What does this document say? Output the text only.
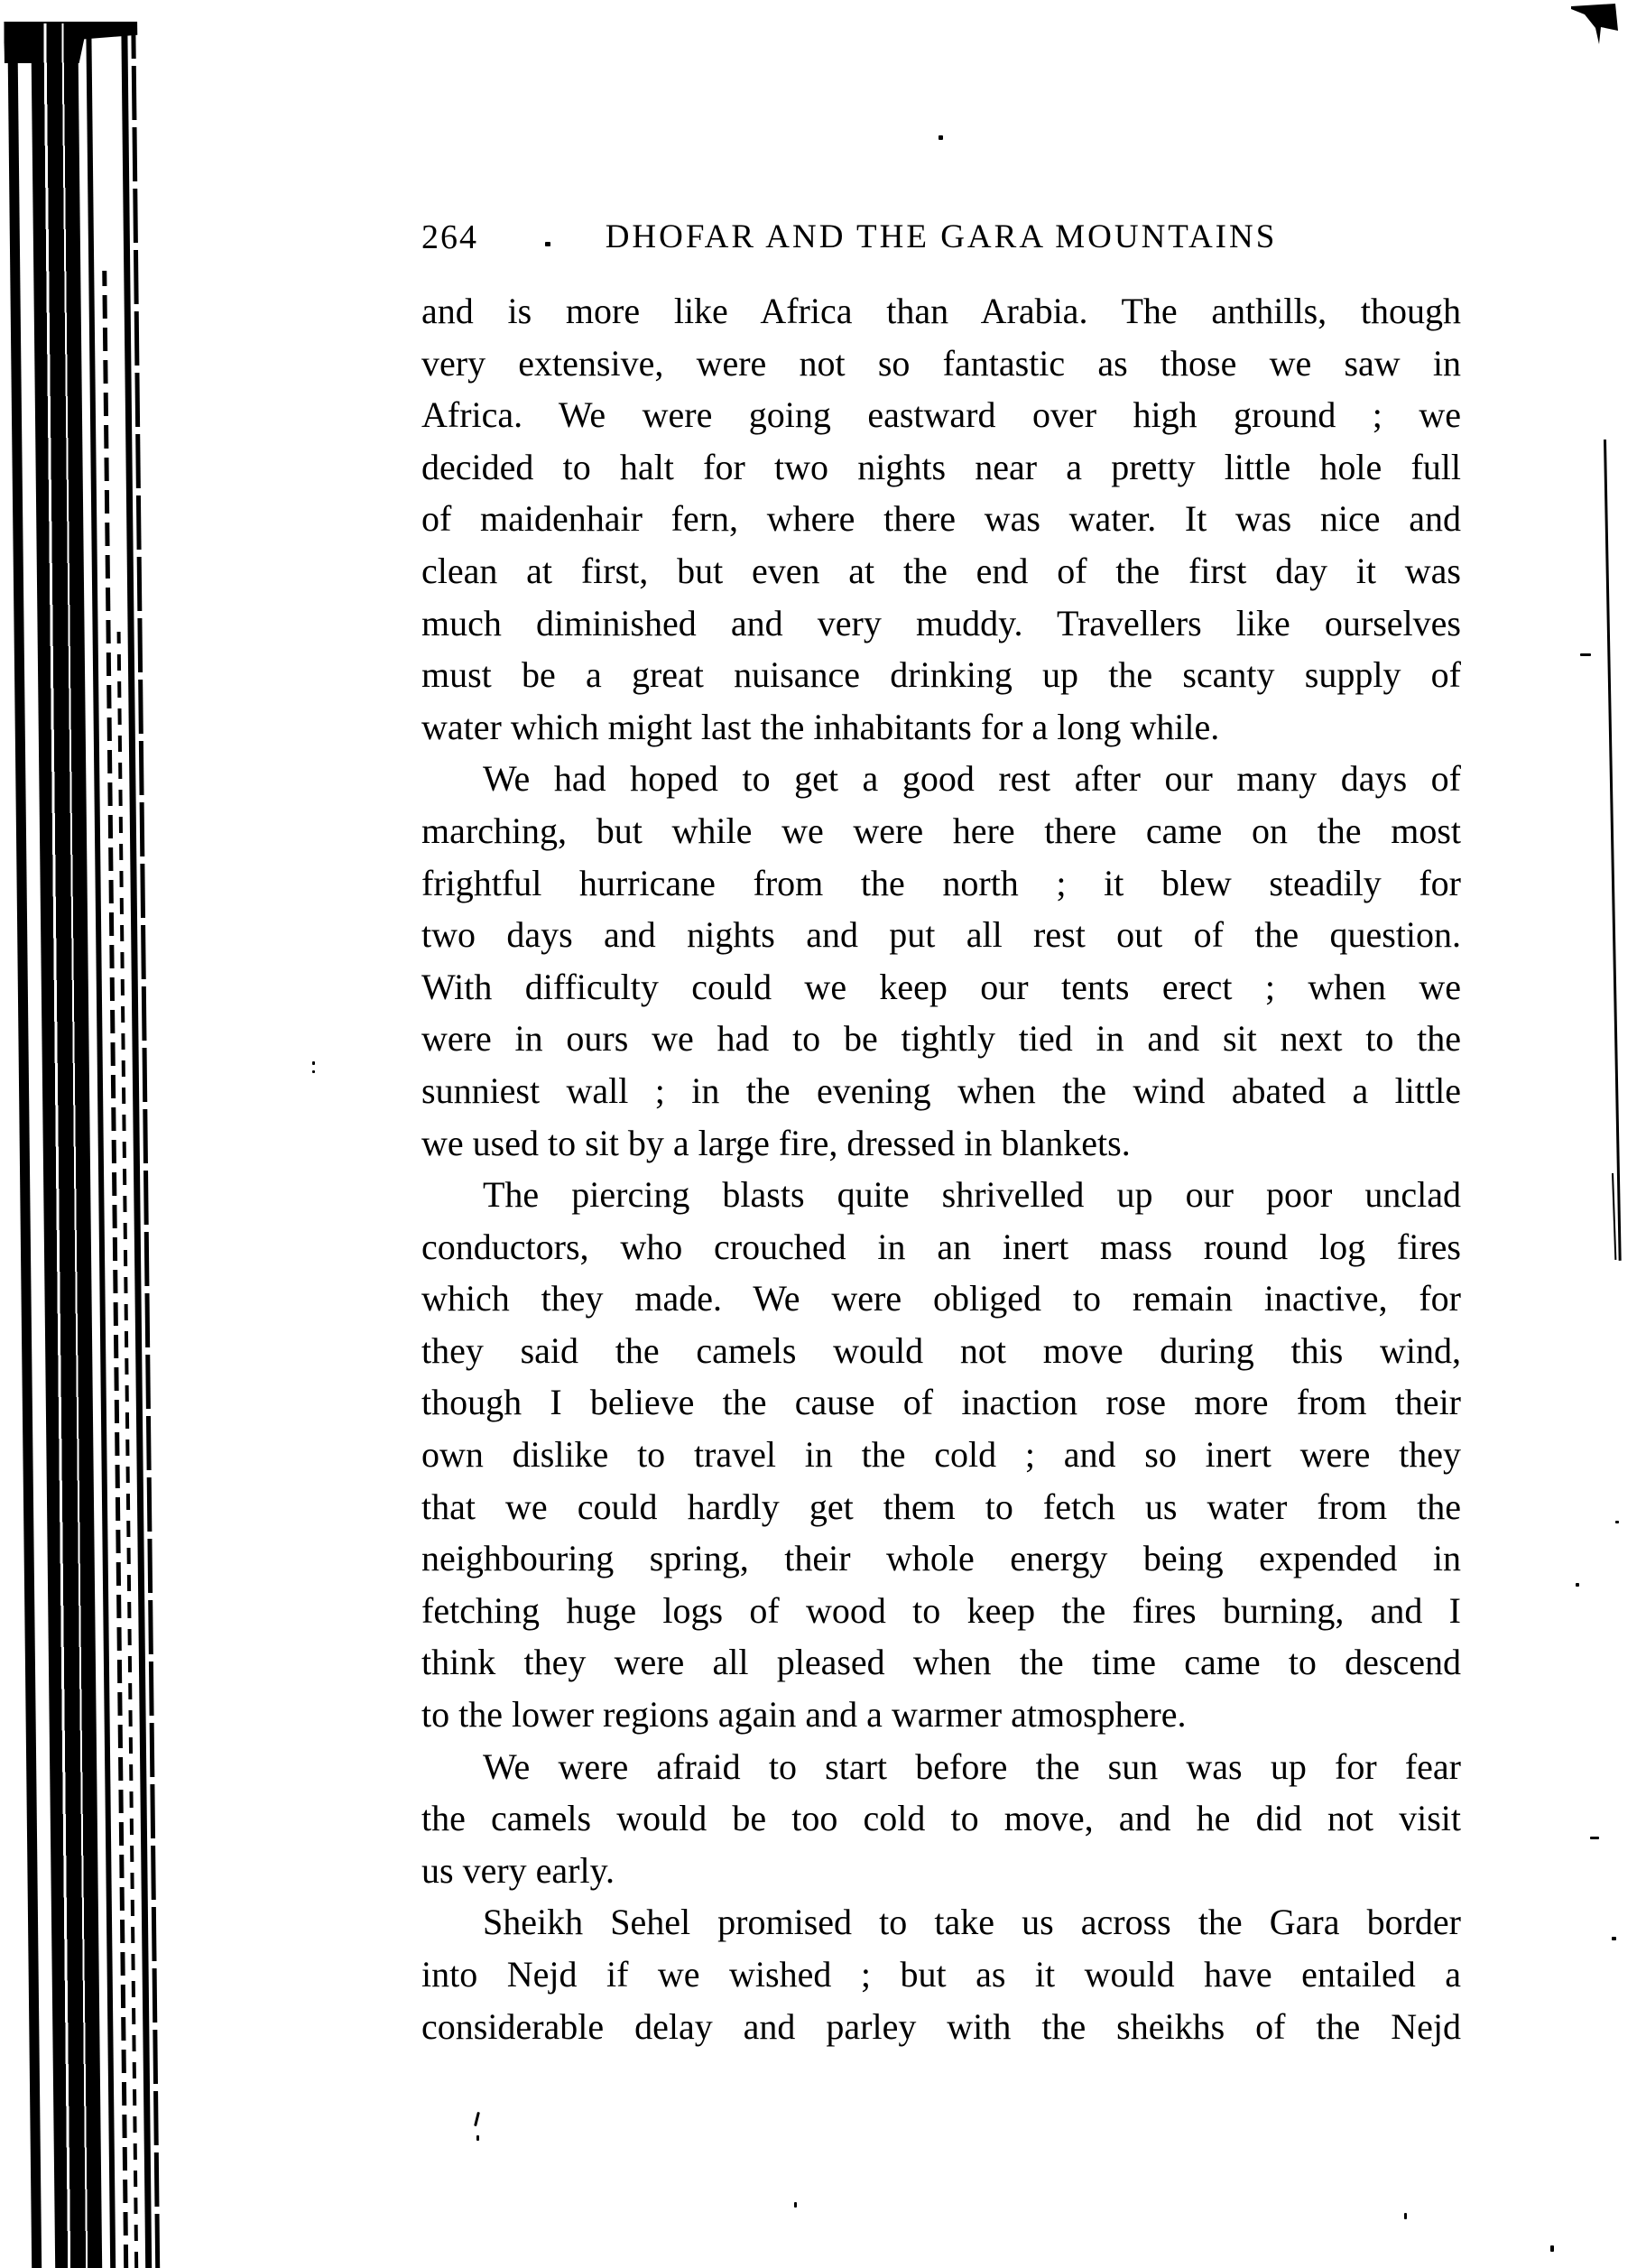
264	DHOFAR AND THE GARA MOUNTAINS
and is more like Africa than Arabia. The anthills, though
very extensive, were not so fantastic as those we saw in
Africa. We were going eastward over high ground ; we
decided to halt for two nights near a pretty little hole full
of maidenhair fern, where there was water. It was nice and
clean at first, but even at the end of the first day it was
much diminished and very muddy. Travellers like ourselves
must be a great nuisance drinking up the scanty supply of
water which might last the inhabitants for a long while.
We had hoped to get a good rest after our many days of
marching, but while we were here there came on the most
frightful hurricane from the north ; it blew steadily for
two days and nights and put all rest out of the question.
With difficulty could we keep our tents erect ; when we
were in ours we had to be tightly tied in and sit next to the
sunniest wall ; in the evening when the wind abated a little
we used to sit by a large fire, dressed in blankets.
The piercing blasts quite shrivelled up our poor unclad
conductors, who crouched in an inert mass round log fires
which they made. We were obliged to remain inactive, for
they said the camels would not move during this wind,
though I believe the cause of inaction rose more from their
own dislike to travel in the cold ; and so inert were they
that we could hardly get them to fetch us water from the
neighbouring spring, their whole energy being expended in
fetching huge logs of wood to keep the fires burning, and I
think they were all pleased when the time came to descend
to the lower regions again and a warmer atmosphere.
We were afraid to start before the sun was up for fear
the camels would be too cold to move, and he did not visit
us very early.
Sheikh Sehel promised to take us across the Gara border
into Nejd if we wished ; but as it would have entailed a
considerable delay and parley with the sheikhs of the Nejd
